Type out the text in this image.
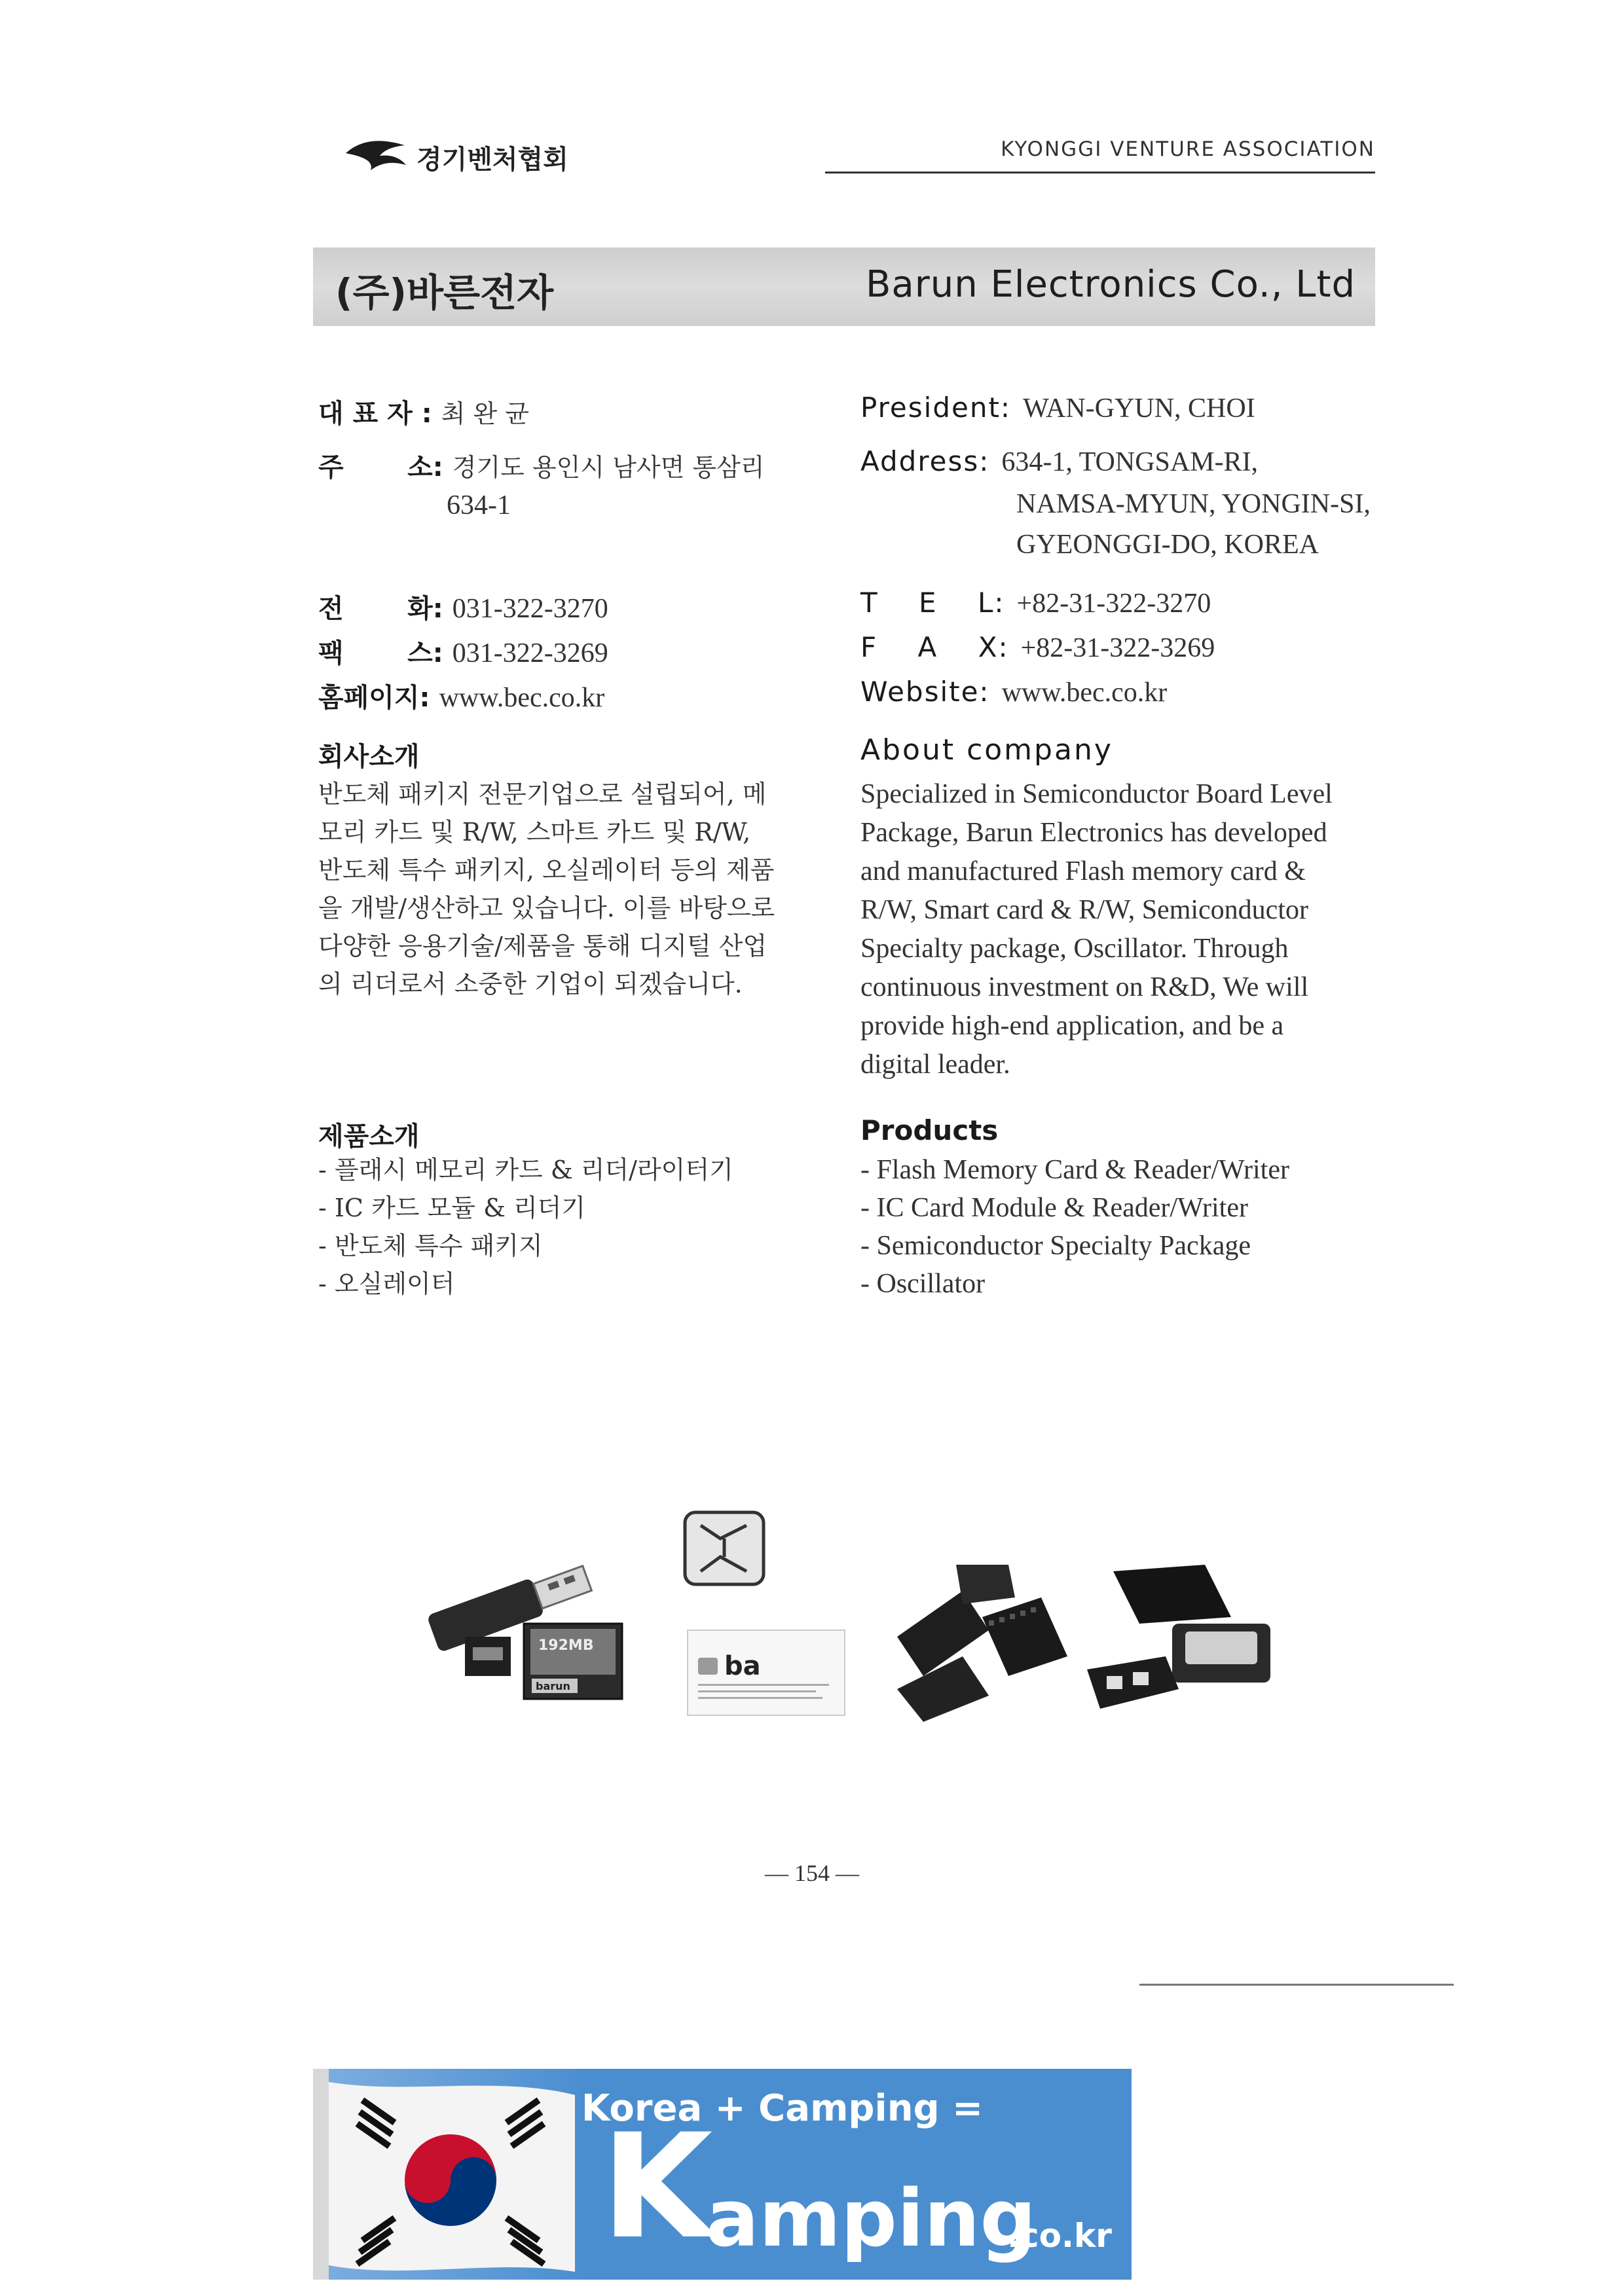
경기벤처협회	KYONGGI VENTURE ASSOCIATION
(주)바른전자	Barun Electronics Co., Ltd
대 표 자 : 최 완 균
주       소: 경기도 용인시 남사면 통삼리
634-1
전       화: 031-322-3270
팩       스: 031-322-3269
홈페이지: www.bec.co.kr
President: WAN-GYUN, CHOI
Address: 634-1, TONGSAM-RI,
NAMSA-MYUN, YONGIN-SI,
GYEONGGI-DO, KOREA
T    E    L: +82-31-322-3270
F    A    X: +82-31-322-3269
Website: www.bec.co.kr
회사소개
반도체 패키지 전문기업으로 설립되어, 메
모리 카드 및 R/W, 스마트 카드 및 R/W,
반도체 특수 패키지, 오실레이터 등의 제품
을 개발/생산하고 있습니다. 이를 바탕으로
다양한 응용기술/제품을 통해 디지털 산업
의 리더로서 소중한 기업이 되겠습니다.
About company
Specialized in Semiconductor Board Level
Package, Barun Electronics has developed
and manufactured Flash memory card &
R/W, Smart card & R/W, Semiconductor
Specialty package, Oscillator. Through
continuous investment on R&D, We will
provide high-end application, and be a
digital leader.
제품소개
- 플래시 메모리 카드 & 리더/라이터기
- IC 카드 모듈 & 리더기
- 반도체 특수 패키지
- 오실레이터
Products
- Flash Memory Card & Reader/Writer
- IC Card Module & Reader/Writer
- Semiconductor Specialty Package
- Oscillator
192MB
barun
ba
— 154 —
Korea + Camping =
K
amping
.co.kr
